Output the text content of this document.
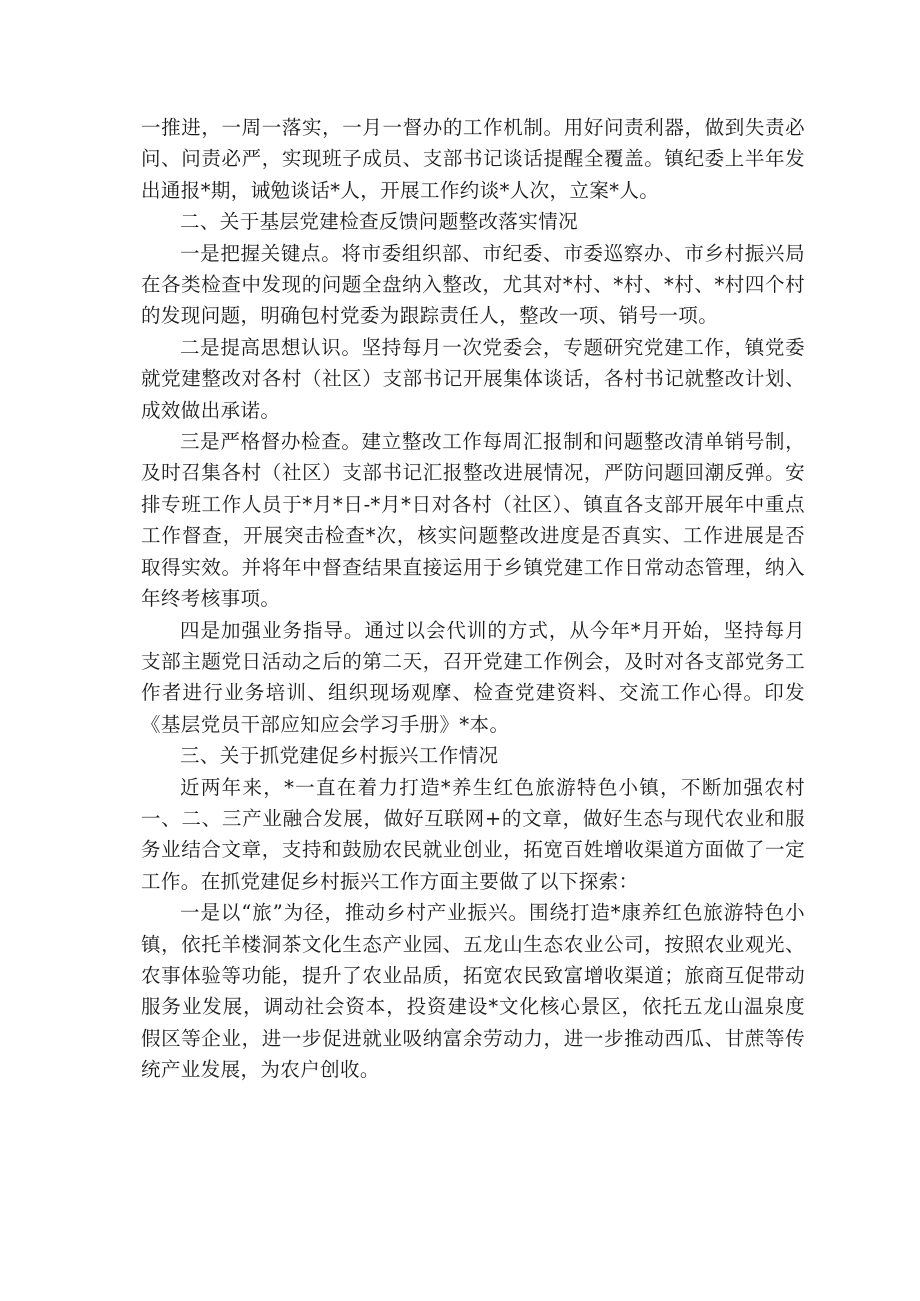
一推进，一周一落实，一月一督办的工作机制。用好问责利器，做到失责必问、问责必严，实现班子成员、支部书记谈话提醒全覆盖。镇纪委上半年发出通报*期，诫勉谈话*人，开展工作约谈*人次，立案*人。

二、关于基层党建检查反馈问题整改落实情况

一是把握关键点。将市委组织部、市纪委、市委巡察办、市乡村振兴局在各类检查中发现的问题全盘纳入整改，尤其对*村、*村、*村、*村四个村的发现问题，明确包村党委为跟踪责任人，整改一项、销号一项。

二是提高思想认识。坚持每月一次党委会，专题研究党建工作，镇党委就党建整改对各村（社区）支部书记开展集体谈话，各村书记就整改计划、成效做出承诺。

三是严格督办检查。建立整改工作每周汇报制和问题整改清单销号制，及时召集各村（社区）支部书记汇报整改进展情况，严防问题回潮反弹。安排专班工作人员于*月*日-*月*日对各村（社区）、镇直各支部开展年中重点工作督查，开展突击检查*次，核实问题整改进度是否真实、工作进展是否取得实效。并将年中督查结果直接运用于乡镇党建工作日常动态管理，纳入年终考核事项。

四是加强业务指导。通过以会代训的方式，从今年*月开始，坚持每月支部主题党日活动之后的第二天，召开党建工作例会，及时对各支部党务工作者进行业务培训、组织现场观摩、检查党建资料、交流工作心得。印发《基层党员干部应知应会学习手册》*本。

三、关于抓党建促乡村振兴工作情况

近两年来，*一直在着力打造*养生红色旅游特色小镇，不断加强农村一、二、三产业融合发展，做好互联网+的文章，做好生态与现代农业和服务业结合文章，支持和鼓励农民就业创业，拓宽百姓增收渠道方面做了一定工作。在抓党建促乡村振兴工作方面主要做了以下探索：

一是以“旅”为径，推动乡村产业振兴。围绕打造*康养红色旅游特色小镇，依托羊楼洞茶文化生态产业园、五龙山生态农业公司，按照农业观光、农事体验等功能，提升了农业品质，拓宽农民致富增收渠道；旅商互促带动服务业发展，调动社会资本，投资建设*文化核心景区，依托五龙山温泉度假区等企业，进一步促进就业吸纳富余劳动力，进一步推动西瓜、甘蔗等传统产业发展，为农户创收。
